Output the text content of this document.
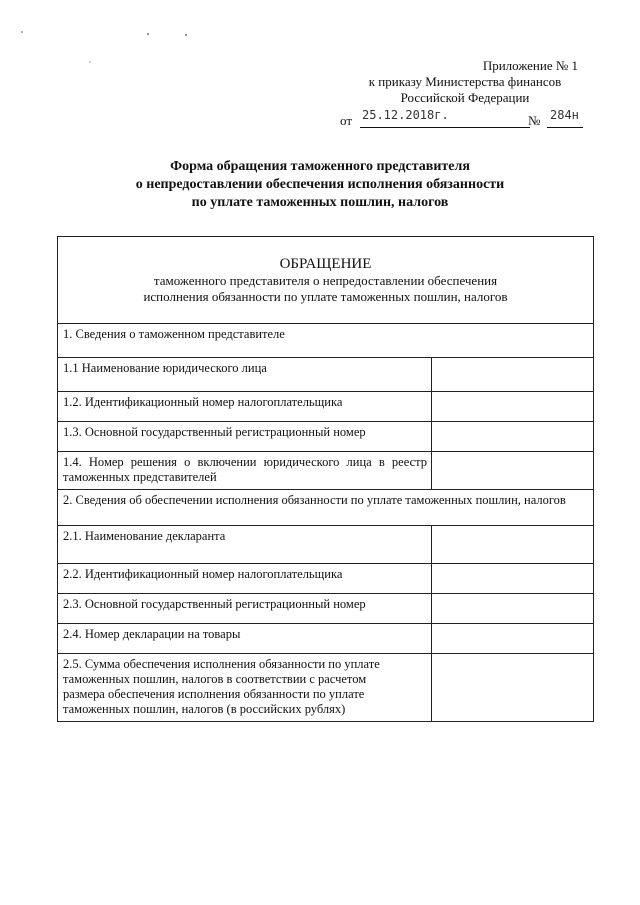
Приложение № 1
к приказу Министерства финансов
Российской Федерации
от 25.12.2018г.	№ 284н
Форма обращения таможенного представителя
о непредоставлении обеспечения исполнения обязанности
по уплате таможенных пошлин, налогов
ОБРАЩЕНИЕ
таможенного представителя о непредоставлении обеспечения
исполнения обязанности по уплате таможенных пошлин, налогов	

1. Сведения о таможенном представителе	
1.1 Наименование юридического лица	
1.2. Идентификационный номер налогоплательщика	
1.3. Основной государственный регистрационный номер	
1.4. Номер решения о включении юридического лица в реестр таможенных представителей	
2. Сведения об обеспечении исполнения обязанности по уплате таможенных пошлин, налогов	
2.1. Наименование декларанта	
2.2. Идентификационный номер налогоплательщика	
2.3. Основной государственный регистрационный номер	
2.4. Номер декларации на товары	

2.5. Сумма обеспечения исполнения обязанности по уплате
таможенных пошлин, налогов в соответствии с расчетом
размера обеспечения исполнения обязанности по уплате
таможенных пошлин, налогов (в российских рублях)	
